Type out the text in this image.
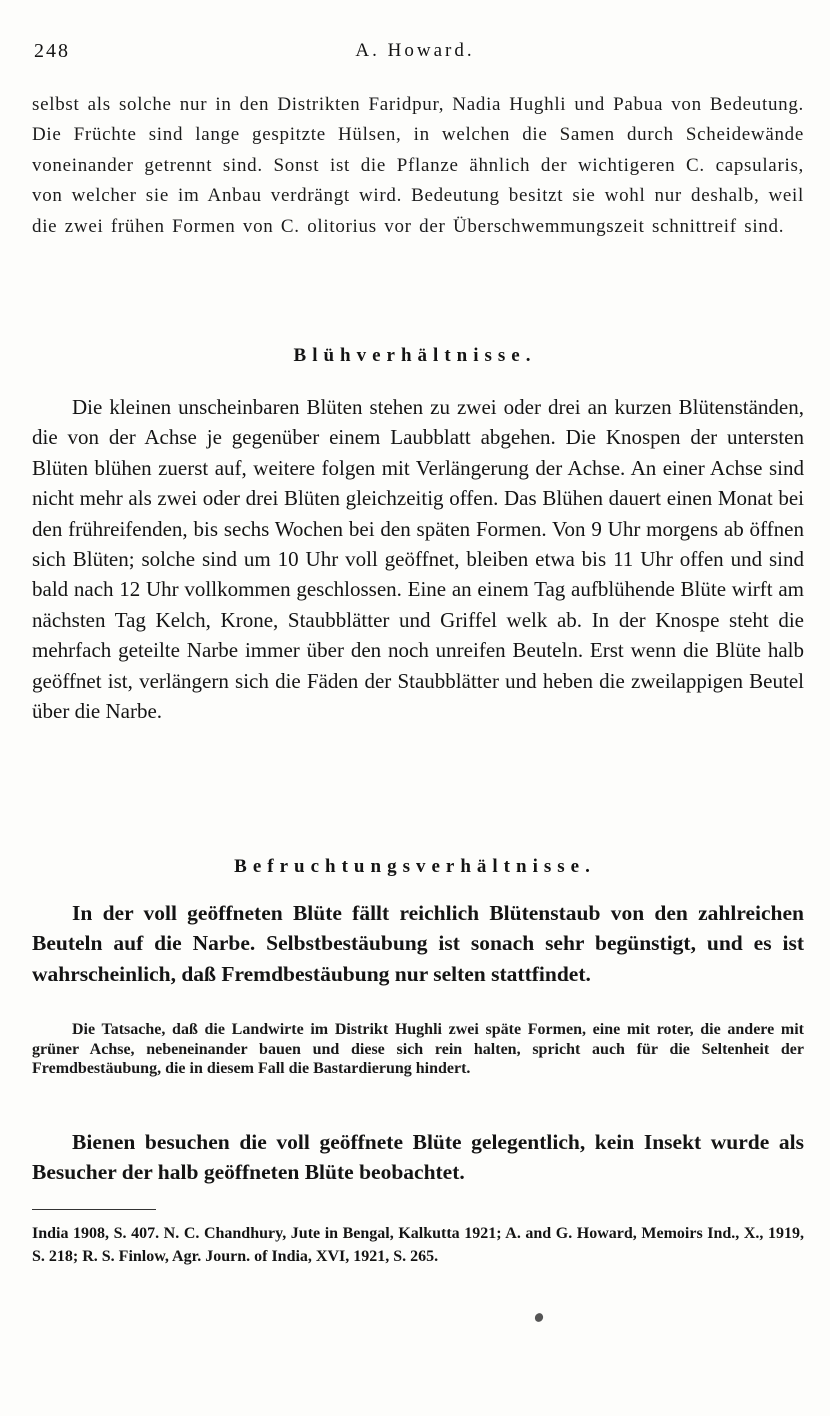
248	A. Howard.

selbst als solche nur in den Distrikten Faridpur, Nadia Hughli und Pabua von Bedeutung. Die Früchte sind lange gespitzte Hülsen, in welchen die Samen durch Scheidewände voneinander getrennt sind. Sonst ist die Pflanze ähnlich der wichtigeren C. capsularis, von welcher sie im Anbau verdrängt wird. Bedeutung besitzt sie wohl nur deshalb, weil die zwei frühen Formen von C. olitorius vor der Überschwemmungszeit schnittreif sind.

Blühverhältnisse.

Die kleinen unscheinbaren Blüten stehen zu zwei oder drei an kurzen Blütenständen, die von der Achse je gegenüber einem Laubblatt abgehen. Die Knospen der untersten Blüten blühen zuerst auf, weitere folgen mit Verlängerung der Achse. An einer Achse sind nicht mehr als zwei oder drei Blüten gleichzeitig offen. Das Blühen dauert einen Monat bei den frühreifenden, bis sechs Wochen bei den späten Formen. Von 9 Uhr morgens ab öffnen sich Blüten; solche sind um 10 Uhr voll geöffnet, bleiben etwa bis 11 Uhr offen und sind bald nach 12 Uhr vollkommen geschlossen. Eine an einem Tag aufblühende Blüte wirft am nächsten Tag Kelch, Krone, Staubblätter und Griffel welk ab. In der Knospe steht die mehrfach geteilte Narbe immer über den noch unreifen Beuteln. Erst wenn die Blüte halb geöffnet ist, verlängern sich die Fäden der Staubblätter und heben die zweilappigen Beutel über die Narbe.

Befruchtungsverhältnisse.

In der voll geöffneten Blüte fällt reichlich Blütenstaub von den zahlreichen Beuteln auf die Narbe. Selbstbestäubung ist sonach sehr begünstigt, und es ist wahrscheinlich, daß Fremdbestäubung nur selten stattfindet.

Die Tatsache, daß die Landwirte im Distrikt Hughli zwei späte Formen, eine mit roter, die andere mit grüner Achse, nebeneinander bauen und diese sich rein halten, spricht auch für die Seltenheit der Fremdbestäubung, die in diesem Fall die Bastardierung hindert.

Bienen besuchen die voll geöffnete Blüte gelegentlich, kein Insekt wurde als Besucher der halb geöffneten Blüte beobachtet.

India 1908, S. 407. N. C. Chandhury, Jute in Bengal, Kalkutta 1921; A. and G. Howard, Memoirs Ind., X., 1919, S. 218; R. S. Finlow, Agr. Journ. of India, XVI, 1921, S. 265.
